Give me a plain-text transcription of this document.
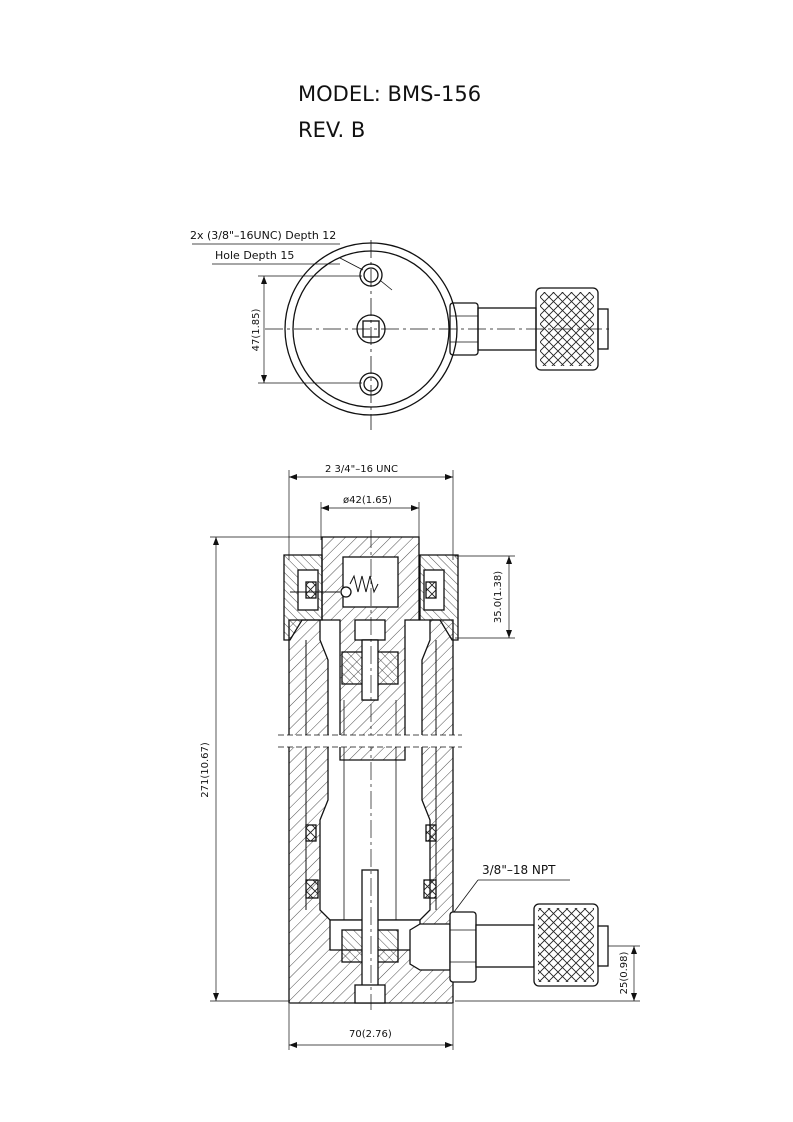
MODEL: BMS-156
REV. B
2x (3/8"–16UNC) Depth 12
Hole Depth 15
47(1.85)
2 3/4"–16 UNC
ø42(1.65)
35.0(1.38)
271(10.67)
70(2.76)
25(0.98)
3/8"–18 NPT
